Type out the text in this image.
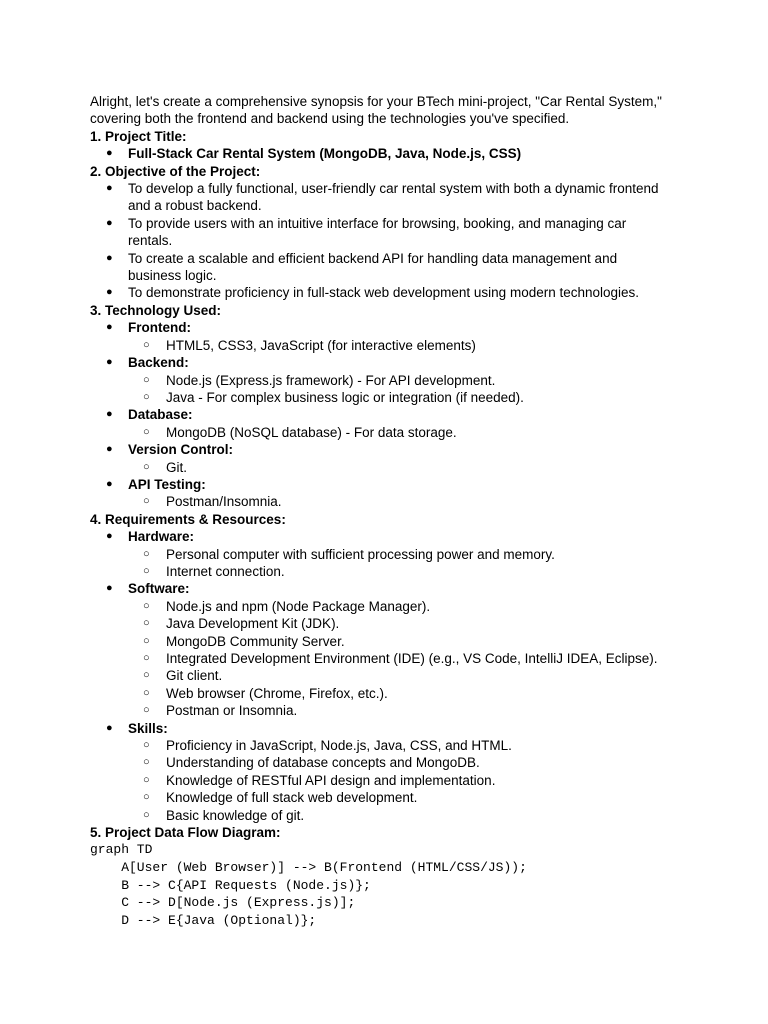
Alright, let's create a comprehensive synopsis for your BTech mini-project, "Car Rental System,"
covering both the frontend and backend using the technologies you've specified.
1. Project Title:
● Full-Stack Car Rental System (MongoDB, Java, Node.js, CSS)
2. Objective of the Project:
● To develop a fully functional, user-friendly car rental system with both a dynamic frontend
and a robust backend.
● To provide users with an intuitive interface for browsing, booking, and managing car
rentals.
● To create a scalable and efficient backend API for handling data management and
business logic.
● To demonstrate proficiency in full-stack web development using modern technologies.
3. Technology Used:
● Frontend:
○ HTML5, CSS3, JavaScript (for interactive elements)
● Backend:
○ Node.js (Express.js framework) - For API development.
○ Java - For complex business logic or integration (if needed).
● Database:
○ MongoDB (NoSQL database) - For data storage.
● Version Control:
○ Git.
● API Testing:
○ Postman/Insomnia.
4. Requirements & Resources:
● Hardware:
○ Personal computer with sufficient processing power and memory.
○ Internet connection.
● Software:
○ Node.js and npm (Node Package Manager).
○ Java Development Kit (JDK).
○ MongoDB Community Server.
○ Integrated Development Environment (IDE) (e.g., VS Code, IntelliJ IDEA, Eclipse).
○ Git client.
○ Web browser (Chrome, Firefox, etc.).
○ Postman or Insomnia.
● Skills:
○ Proficiency in JavaScript, Node.js, Java, CSS, and HTML.
○ Understanding of database concepts and MongoDB.
○ Knowledge of RESTful API design and implementation.
○ Knowledge of full stack web development.
○ Basic knowledge of git.
5. Project Data Flow Diagram:
graph TD
A[User (Web Browser)] --> B(Frontend (HTML/CSS/JS));
B --> C{API Requests (Node.js)};
C --> D[Node.js (Express.js)];
D --> E{Java (Optional)};
